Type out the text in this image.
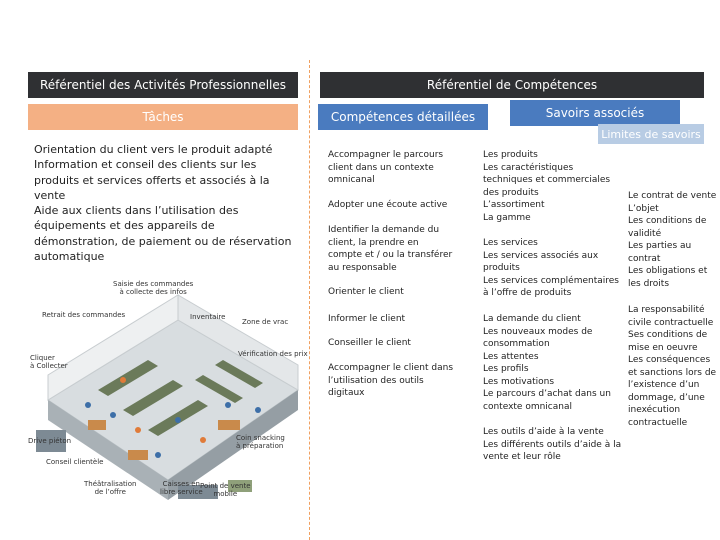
Référentiel des Activités Professionnelles
Tâches
Orientation du client vers le produit adapté
Information et conseil des clients sur les
produits et services offerts et associés à la
vente
Aide aux clients dans l’utilisation des
équipements et des appareils de
démonstration, de paiement ou de réservation
automatique
Saisie des commandes
à collecte des infos
Retrait des commandes	Inventaire
Zone de vrac
Cliquer
à Collecter
Vérification des prix
Drive piéton
Conseil clientèle
Coin snacking
à préparation
Théâtralisation
de l’offre
Caisses en
libre service
Point de vente
mobile
Référentiel de Compétences
Compétences détaillées	Savoirs associés
Limites de savoirs
Accompagner le parcours
client dans un contexte
omnicanal
Adopter une écoute active
Identifier la demande du
client, la prendre en
compte et / ou la transférer
au responsable
Orienter le client
Informer le client
Conseiller le client
Accompagner le client dans
l’utilisation des outils
digitaux
Les produits
Les caractéristiques
techniques et commerciales
des produits
L’assortiment
La gamme
Les services
Les services associés aux
produits
Les services complémentaires
à l’offre de produits
La demande du client
Les nouveaux modes de
consommation
Les attentes
Les profils
Les motivations
Le parcours d’achat dans un
contexte omnicanal
Les outils d’aide à la vente
Les différents outils d’aide à la
vente et leur rôle
Le contrat de vente
L’objet
Les conditions de
validité
Les parties au
contrat
Les obligations et
les droits
La responsabilité
civile contractuelle
Ses conditions de
mise en oeuvre
Les conséquences
et sanctions lors de
l’existence d’un
dommage, d’une
inexécution
contractuelle
